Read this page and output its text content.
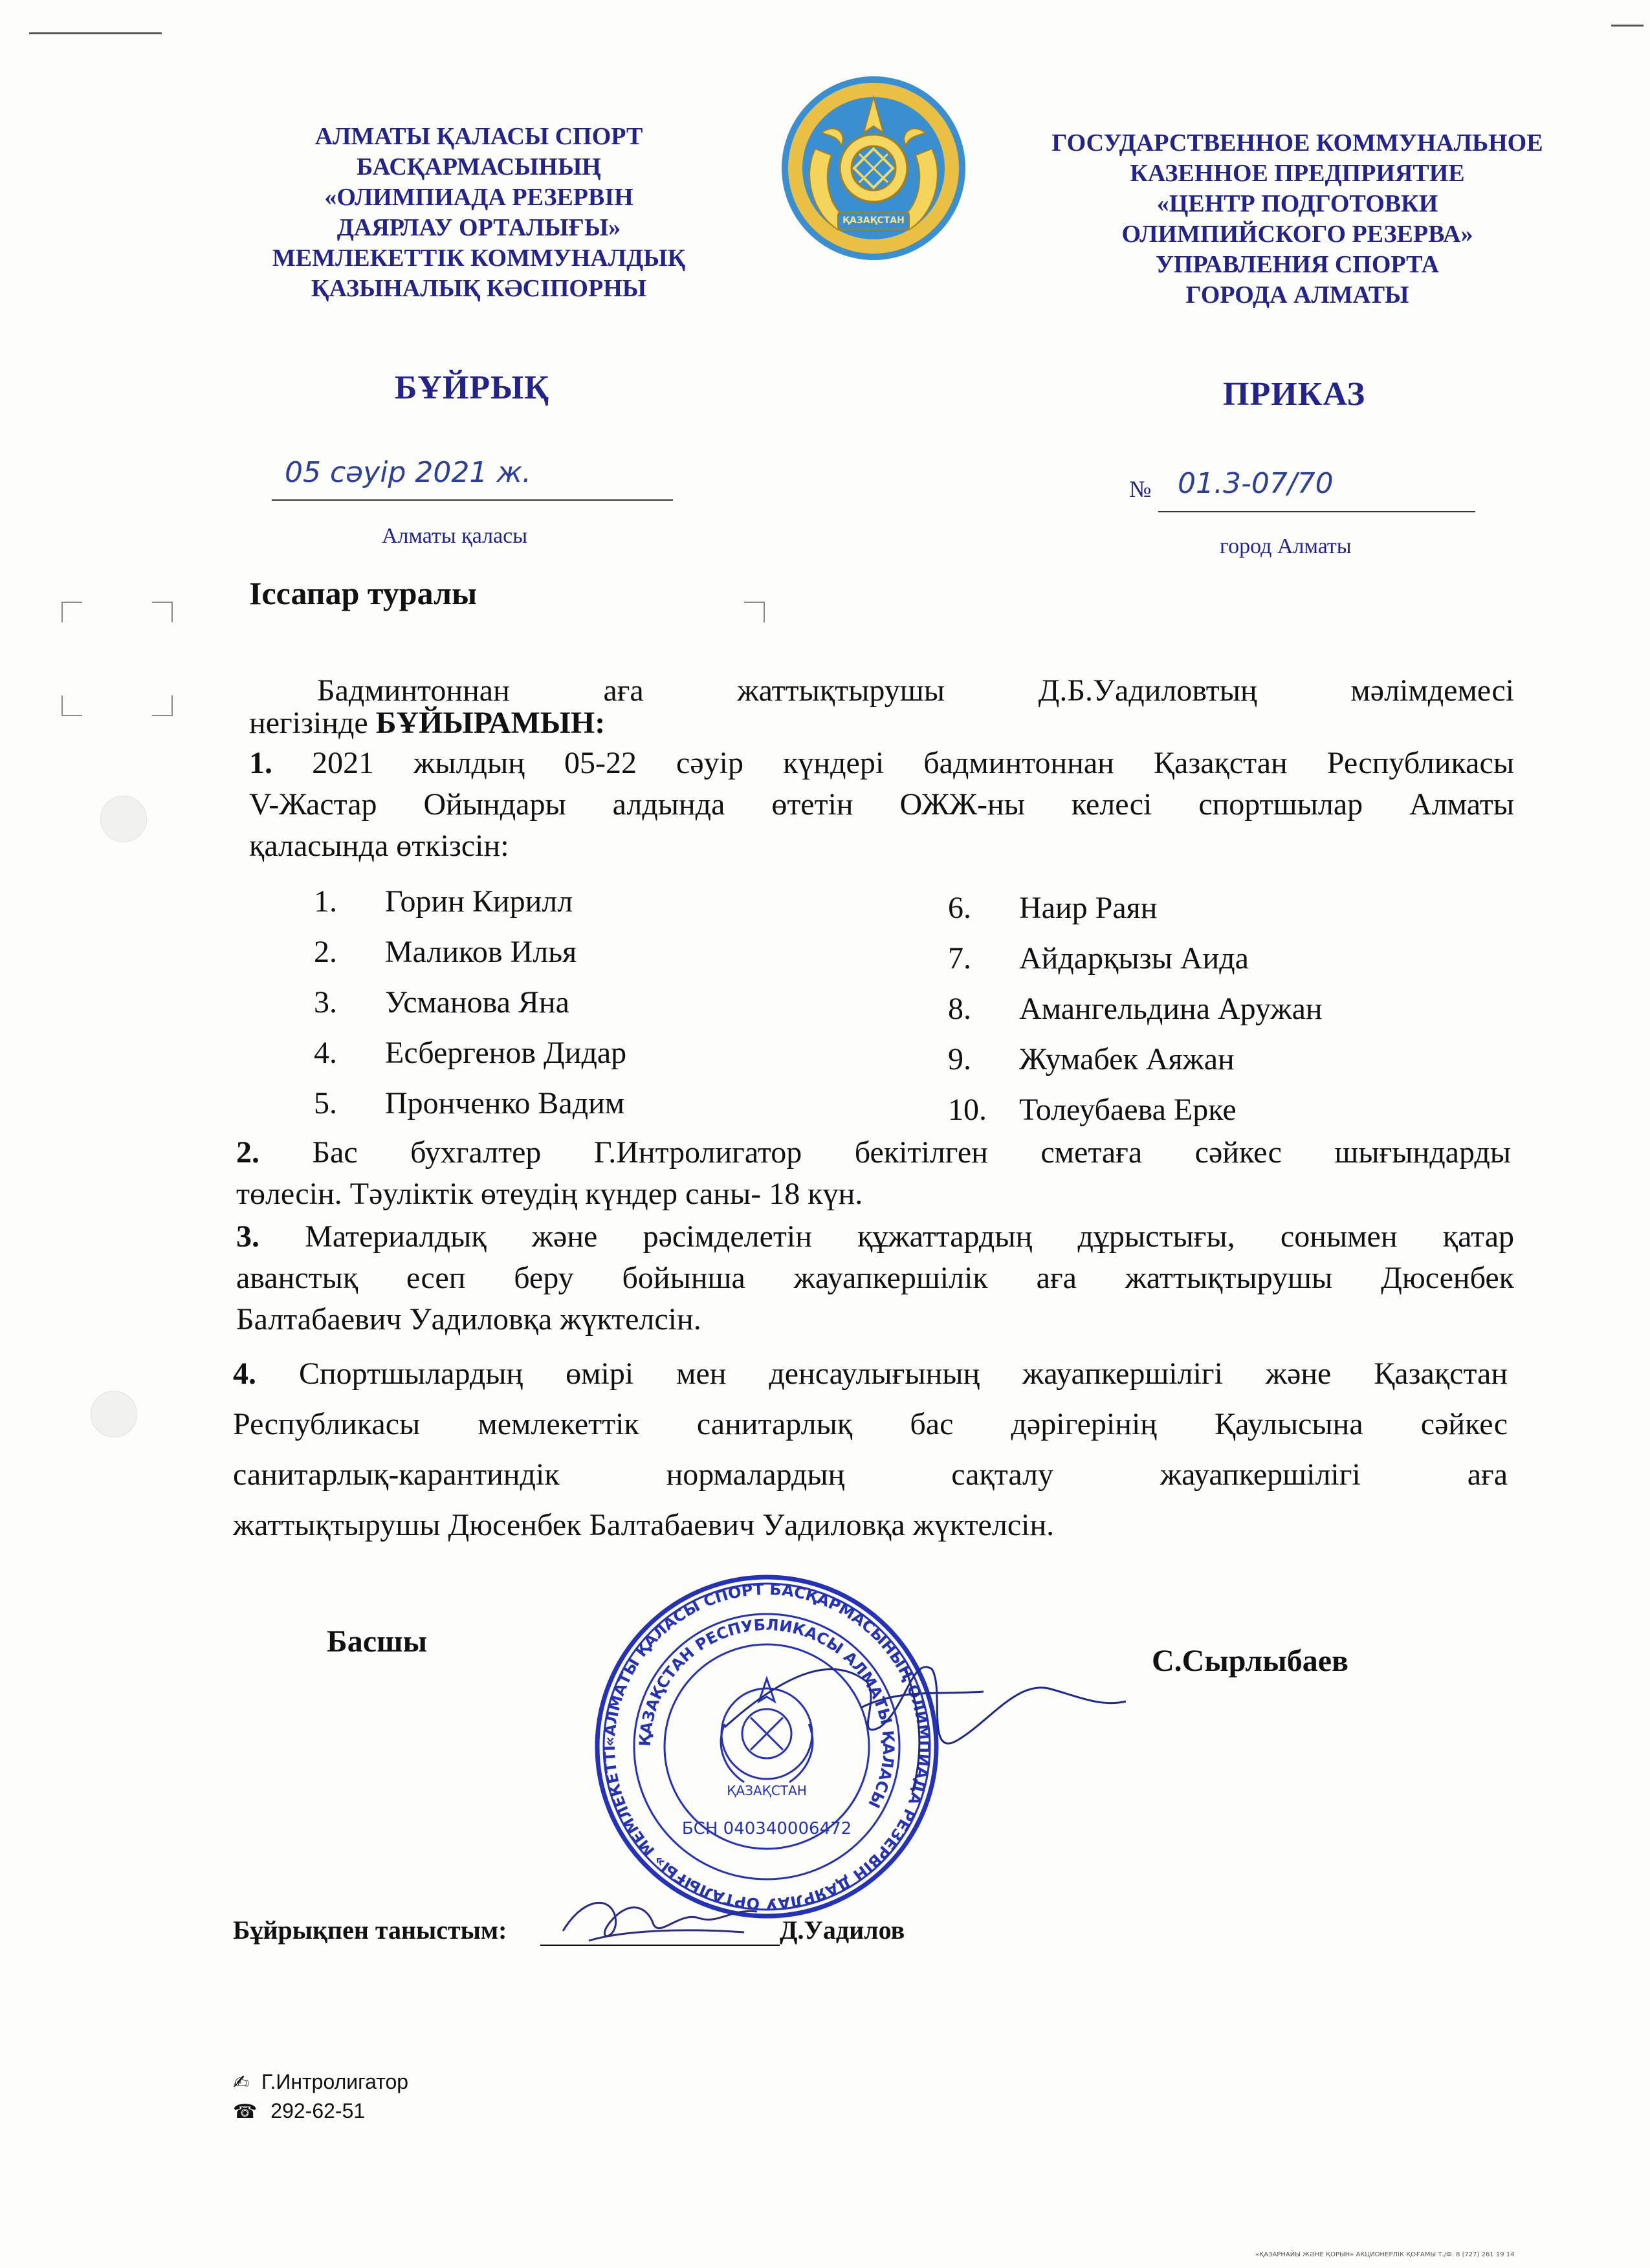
АЛМАТЫ ҚАЛАСЫ СПОРТ
БАСҚАРМАСЫНЫҢ
«ОЛИМПИАДА РЕЗЕРВІН
ДАЯРЛАУ ОРТАЛЫҒЫ»
МЕМЛЕКЕТТІК КОММУНАЛДЫҚ
ҚАЗЫНАЛЫҚ КӘСІПОРНЫ
ГОСУДАРСТВЕННОЕ КОММУНАЛЬНОЕ
КАЗЕННОЕ ПРЕДПРИЯТИЕ
«ЦЕНТР ПОДГОТОВКИ
ОЛИМПИЙСКОГО РЕЗЕРВА»
УПРАВЛЕНИЯ СПОРТА
ГОРОДА АЛМАТЫ
ҚАЗАҚСТАН
БҰЙРЫҚ	ПРИКАЗ
05 сәуір 2021 ж.	№ 01.3-07/70
Алматы қаласы	город Алматы
Іссапар туралы
Бадминтоннан аға жаттықтырушы Д.Б.Уадиловтың мәлімдемесі
негізінде БҰЙЫРАМЫН:
1. 2021 жылдың 05-22 сәуір күндері бадминтоннан Қазақстан Республикасы
V-Жастар Ойындары алдында өтетін ОЖЖ-ны келесі спортшылар Алматы
қаласында өткізсін:
1. Горин Кирилл
2. Маликов Илья
3. Усманова Яна
4. Есбергенов Дидар
5. Пронченко Вадим
6. Наир Раян
7. Айдарқызы Аида
8. Амангельдина Аружан
9. Жумабек Аяжан
10. Толеубаева Ерке
2. Бас бухгалтер Г.Интролигатор бекітілген сметаға сәйкес шығындарды
төлесін. Тәуліктік өтеудің күндер саны- 18 күн.
3. Материалдық және рәсімделетін құжаттардың дұрыстығы, сонымен қатар
аванстық есеп беру бойынша жауапкершілік аға жаттықтырушы Дюсенбек
Балтабаевич Уадиловқа жүктелсін.
4. Спортшылардың өмірі мен денсаулығының жауапкершілігі және Қазақстан
Республикасы мемлекеттік санитарлық бас дәрігерінің Қаулысына сәйкес
санитарлық-карантиндік нормалардың сақталу жауапкершілігі аға
жаттықтырушы Дюсенбек Балтабаевич Уадиловқа жүктелсін.
Басшы
С.Сырлыбаев
«АЛМАТЫ ҚАЛАСЫ СПОРТ БАСҚАРМАСЫНЫҢ ОЛИМПИАДА РЕЗЕРВІН ДАЯРЛАУ ОРТАЛЫҒЫ» МЕМЛЕКЕТТІ
ҚАЗАҚСТАН РЕСПУБЛИКАСЫ АЛМАТЫ ҚАЛАСЫ
ҚАЗАҚСТАН
БСН 040340006472
Бұйрықпен таныстым:	Д.Уадилов
✍ Г.Интролигатор
☎ 292-62-51
«ҚАЗАРНАЙЫ ЖӘНЕ ҚОРЫН» АКЦИОНЕРЛІК ҚОҒАМЫ Т./Ф. 8 (727) 261 19 14
